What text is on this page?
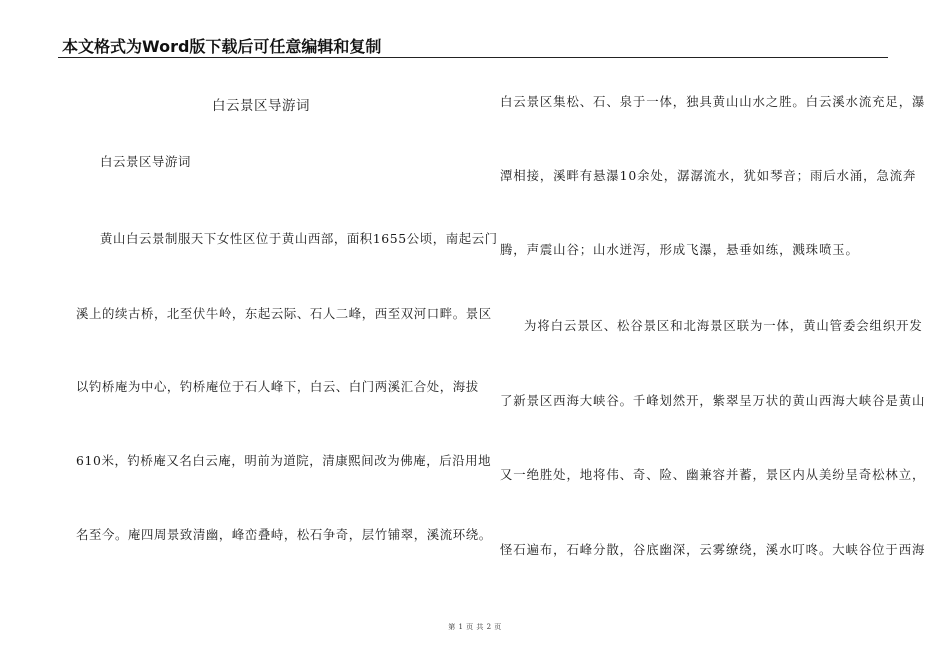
本文格式为Word版下载后可任意编辑和复制
白云景区导游词
白云景区导游词
黄山白云景制服天下女性区位于黄山西部，面积1655公顷，南起云门
溪上的续古桥，北至伏牛岭，东起云际、石人二峰，西至双河口畔。景区
以钓桥庵为中心，钓桥庵位于石人峰下，白云、白门两溪汇合处，海拔
610米，钓桥庵又名白云庵，明前为道院，清康熙间改为佛庵，后沿用地
名至今。庵四周景致清幽，峰峦叠峙，松石争奇，层竹铺翠，溪流环绕。
白云景区集松、石、泉于一体，独具黄山山水之胜。白云溪水流充足，瀑
潭相接，溪畔有悬瀑10余处，潺潺流水，犹如琴音；雨后水涌，急流奔
腾，声震山谷；山水迸泻，形成飞瀑，悬垂如练，溅珠喷玉。
为将白云景区、松谷景区和北海景区联为一体，黄山管委会组织开发
了新景区西海大峡谷。千峰划然开，紫翠呈万状的黄山西海大峡谷是黄山
又一绝胜处，地将伟、奇、险、幽兼容并蓄，景区内从美纷呈奇松林立，
怪石遍布，石峰分散，谷底幽深，云雾缭绕，溪水叮咚。大峡谷位于西海
第 1 页 共 2 页
